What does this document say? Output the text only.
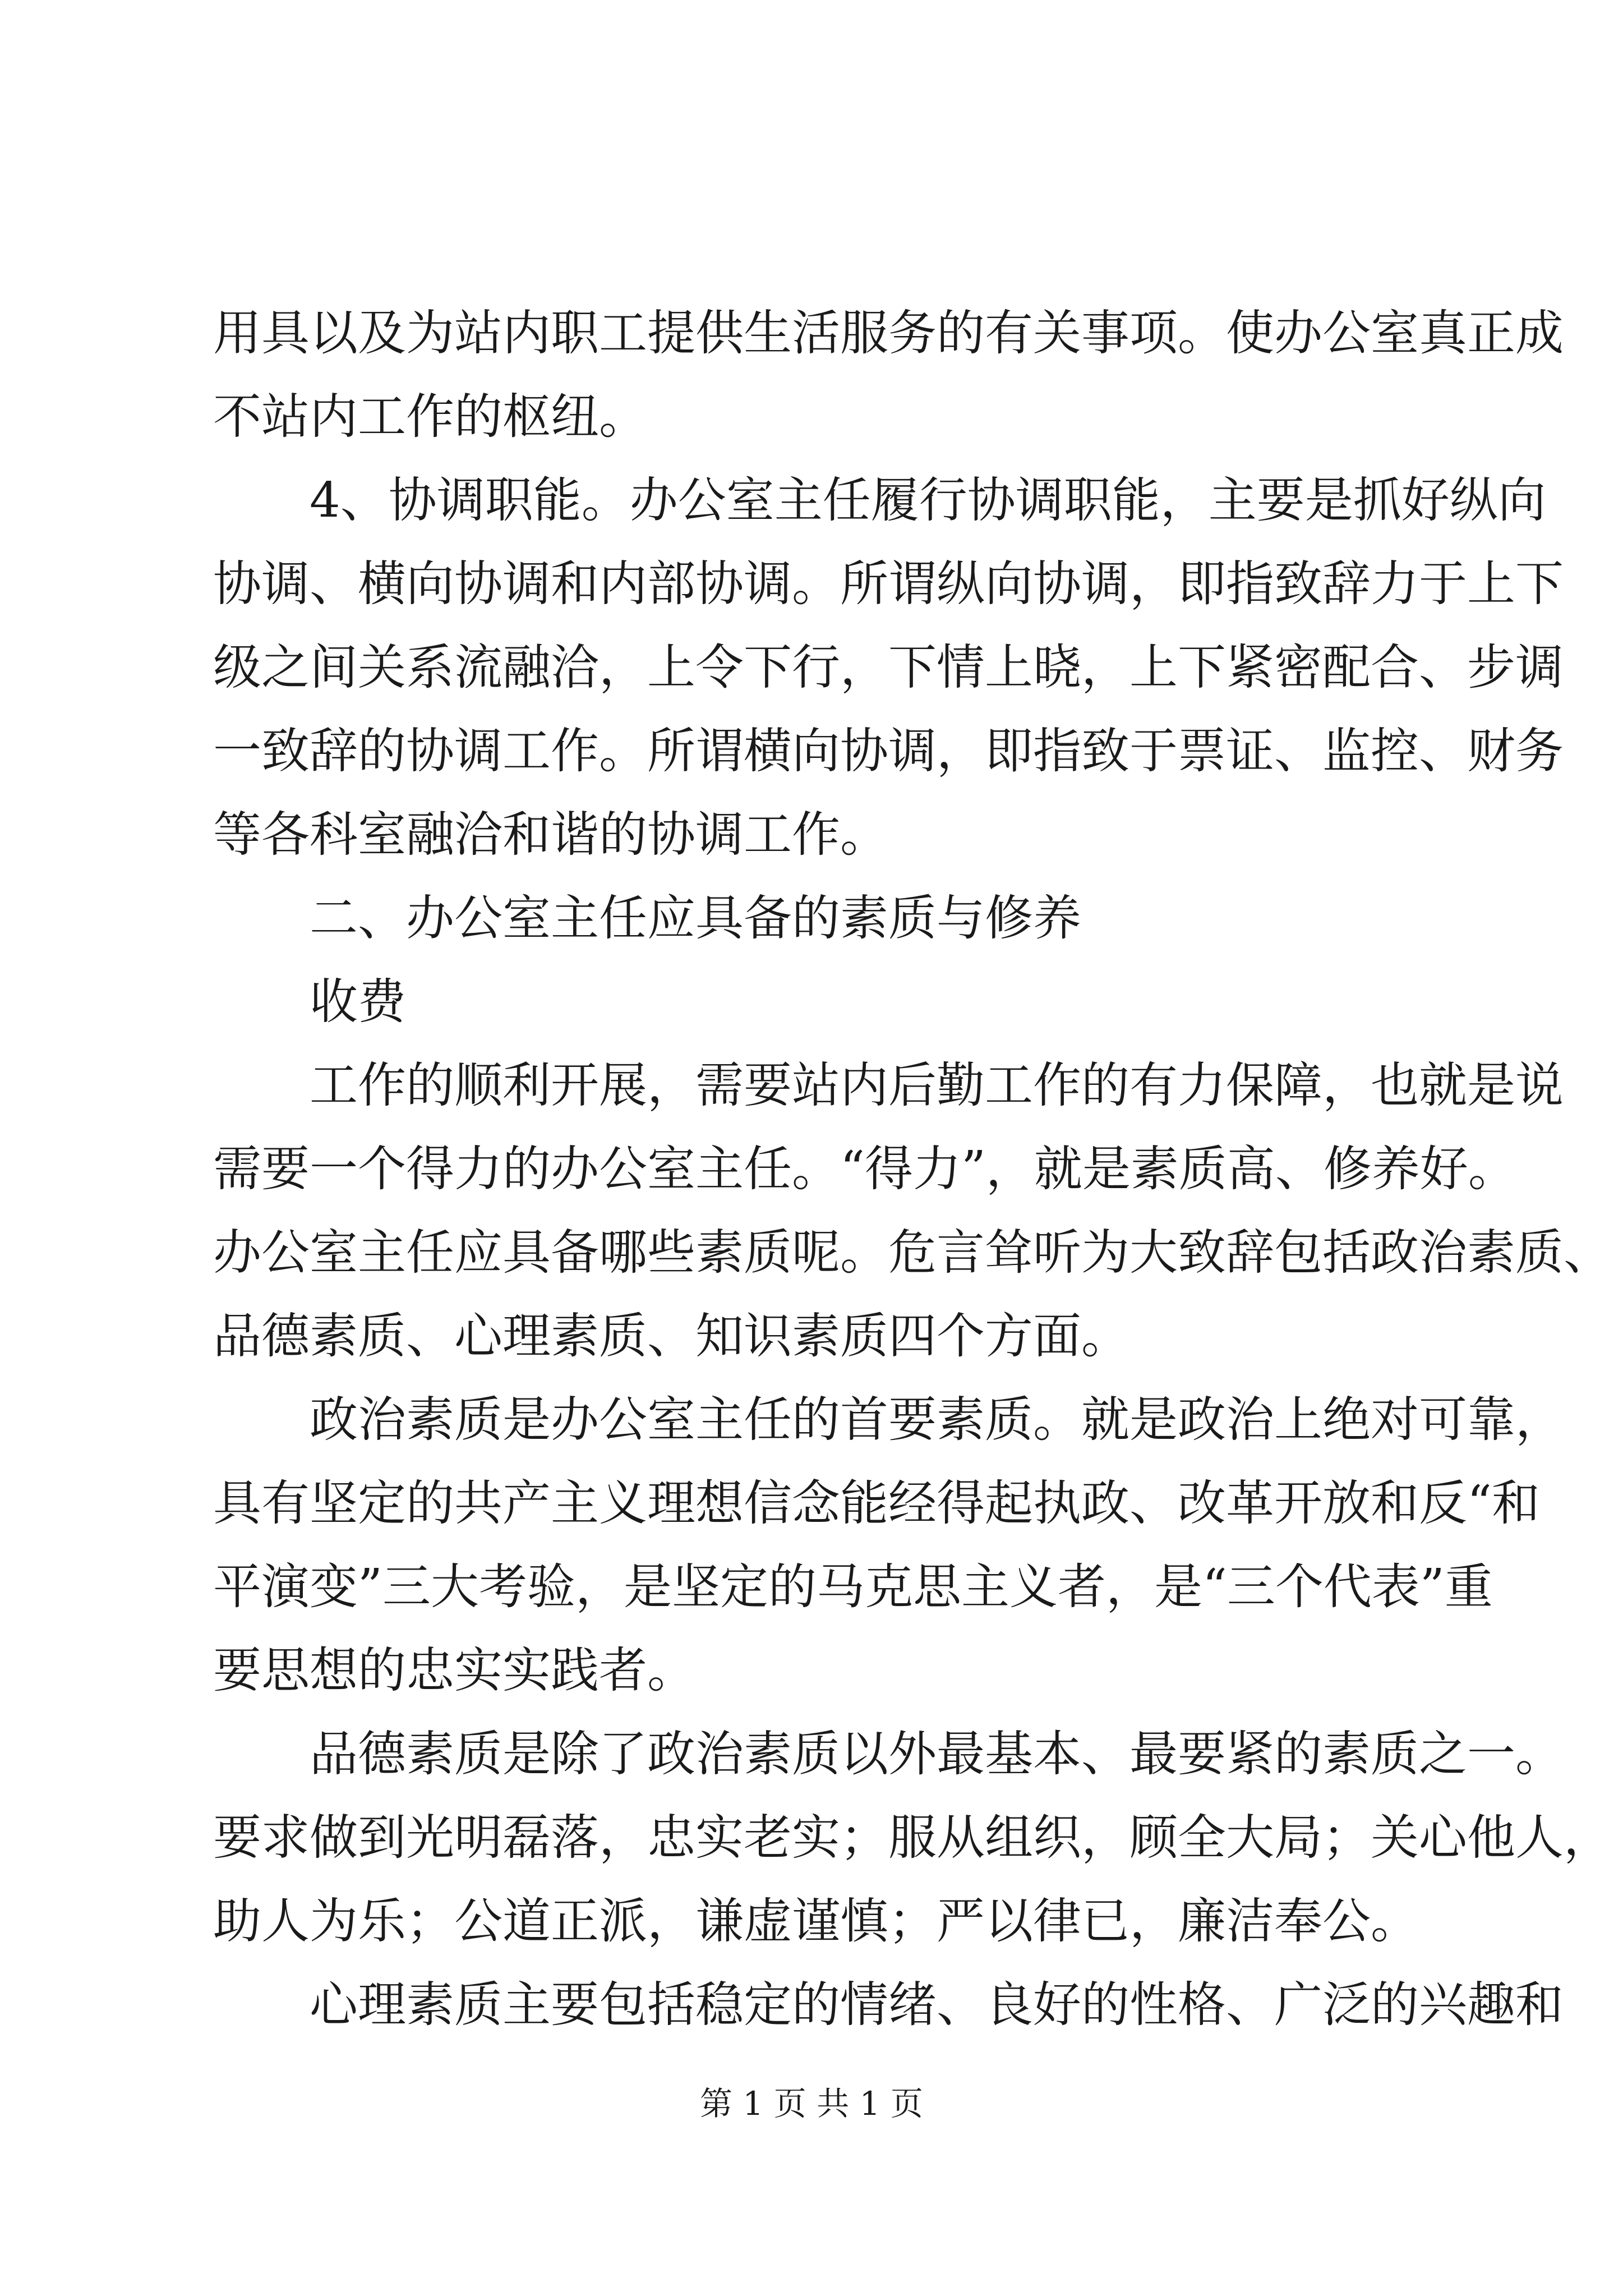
用具以及为站内职工提供生活服务的有关事项。使办公室真正成
不站内工作的枢纽。
4、协调职能。办公室主任履行协调职能，主要是抓好纵向
协调、横向协调和内部协调。所谓纵向协调，即指致辞力于上下
级之间关系流融洽，上令下行，下情上晓，上下紧密配合、步调
一致辞的协调工作。所谓横向协调，即指致于票证、监控、财务
等各科室融洽和谐的协调工作。
二、办公室主任应具备的素质与修养
收费
工作的顺利开展，需要站内后勤工作的有力保障，也就是说
需要一个得力的办公室主任。“得力”，就是素质高、修养好。
办公室主任应具备哪些素质呢。危言耸听为大致辞包括政治素质、
品德素质、心理素质、知识素质四个方面。
政治素质是办公室主任的首要素质。就是政治上绝对可靠，
具有坚定的共产主义理想信念能经得起执政、改革开放和反“和
平演变”三大考验，是坚定的马克思主义者，是“三个代表”重
要思想的忠实实践者。
品德素质是除了政治素质以外最基本、最要紧的素质之一。
要求做到光明磊落，忠实老实；服从组织，顾全大局；关心他人，
助人为乐；公道正派，谦虚谨慎；严以律已，廉洁奉公。
心理素质主要包括稳定的情绪、良好的性格、广泛的兴趣和
第 1 页 共 1 页
